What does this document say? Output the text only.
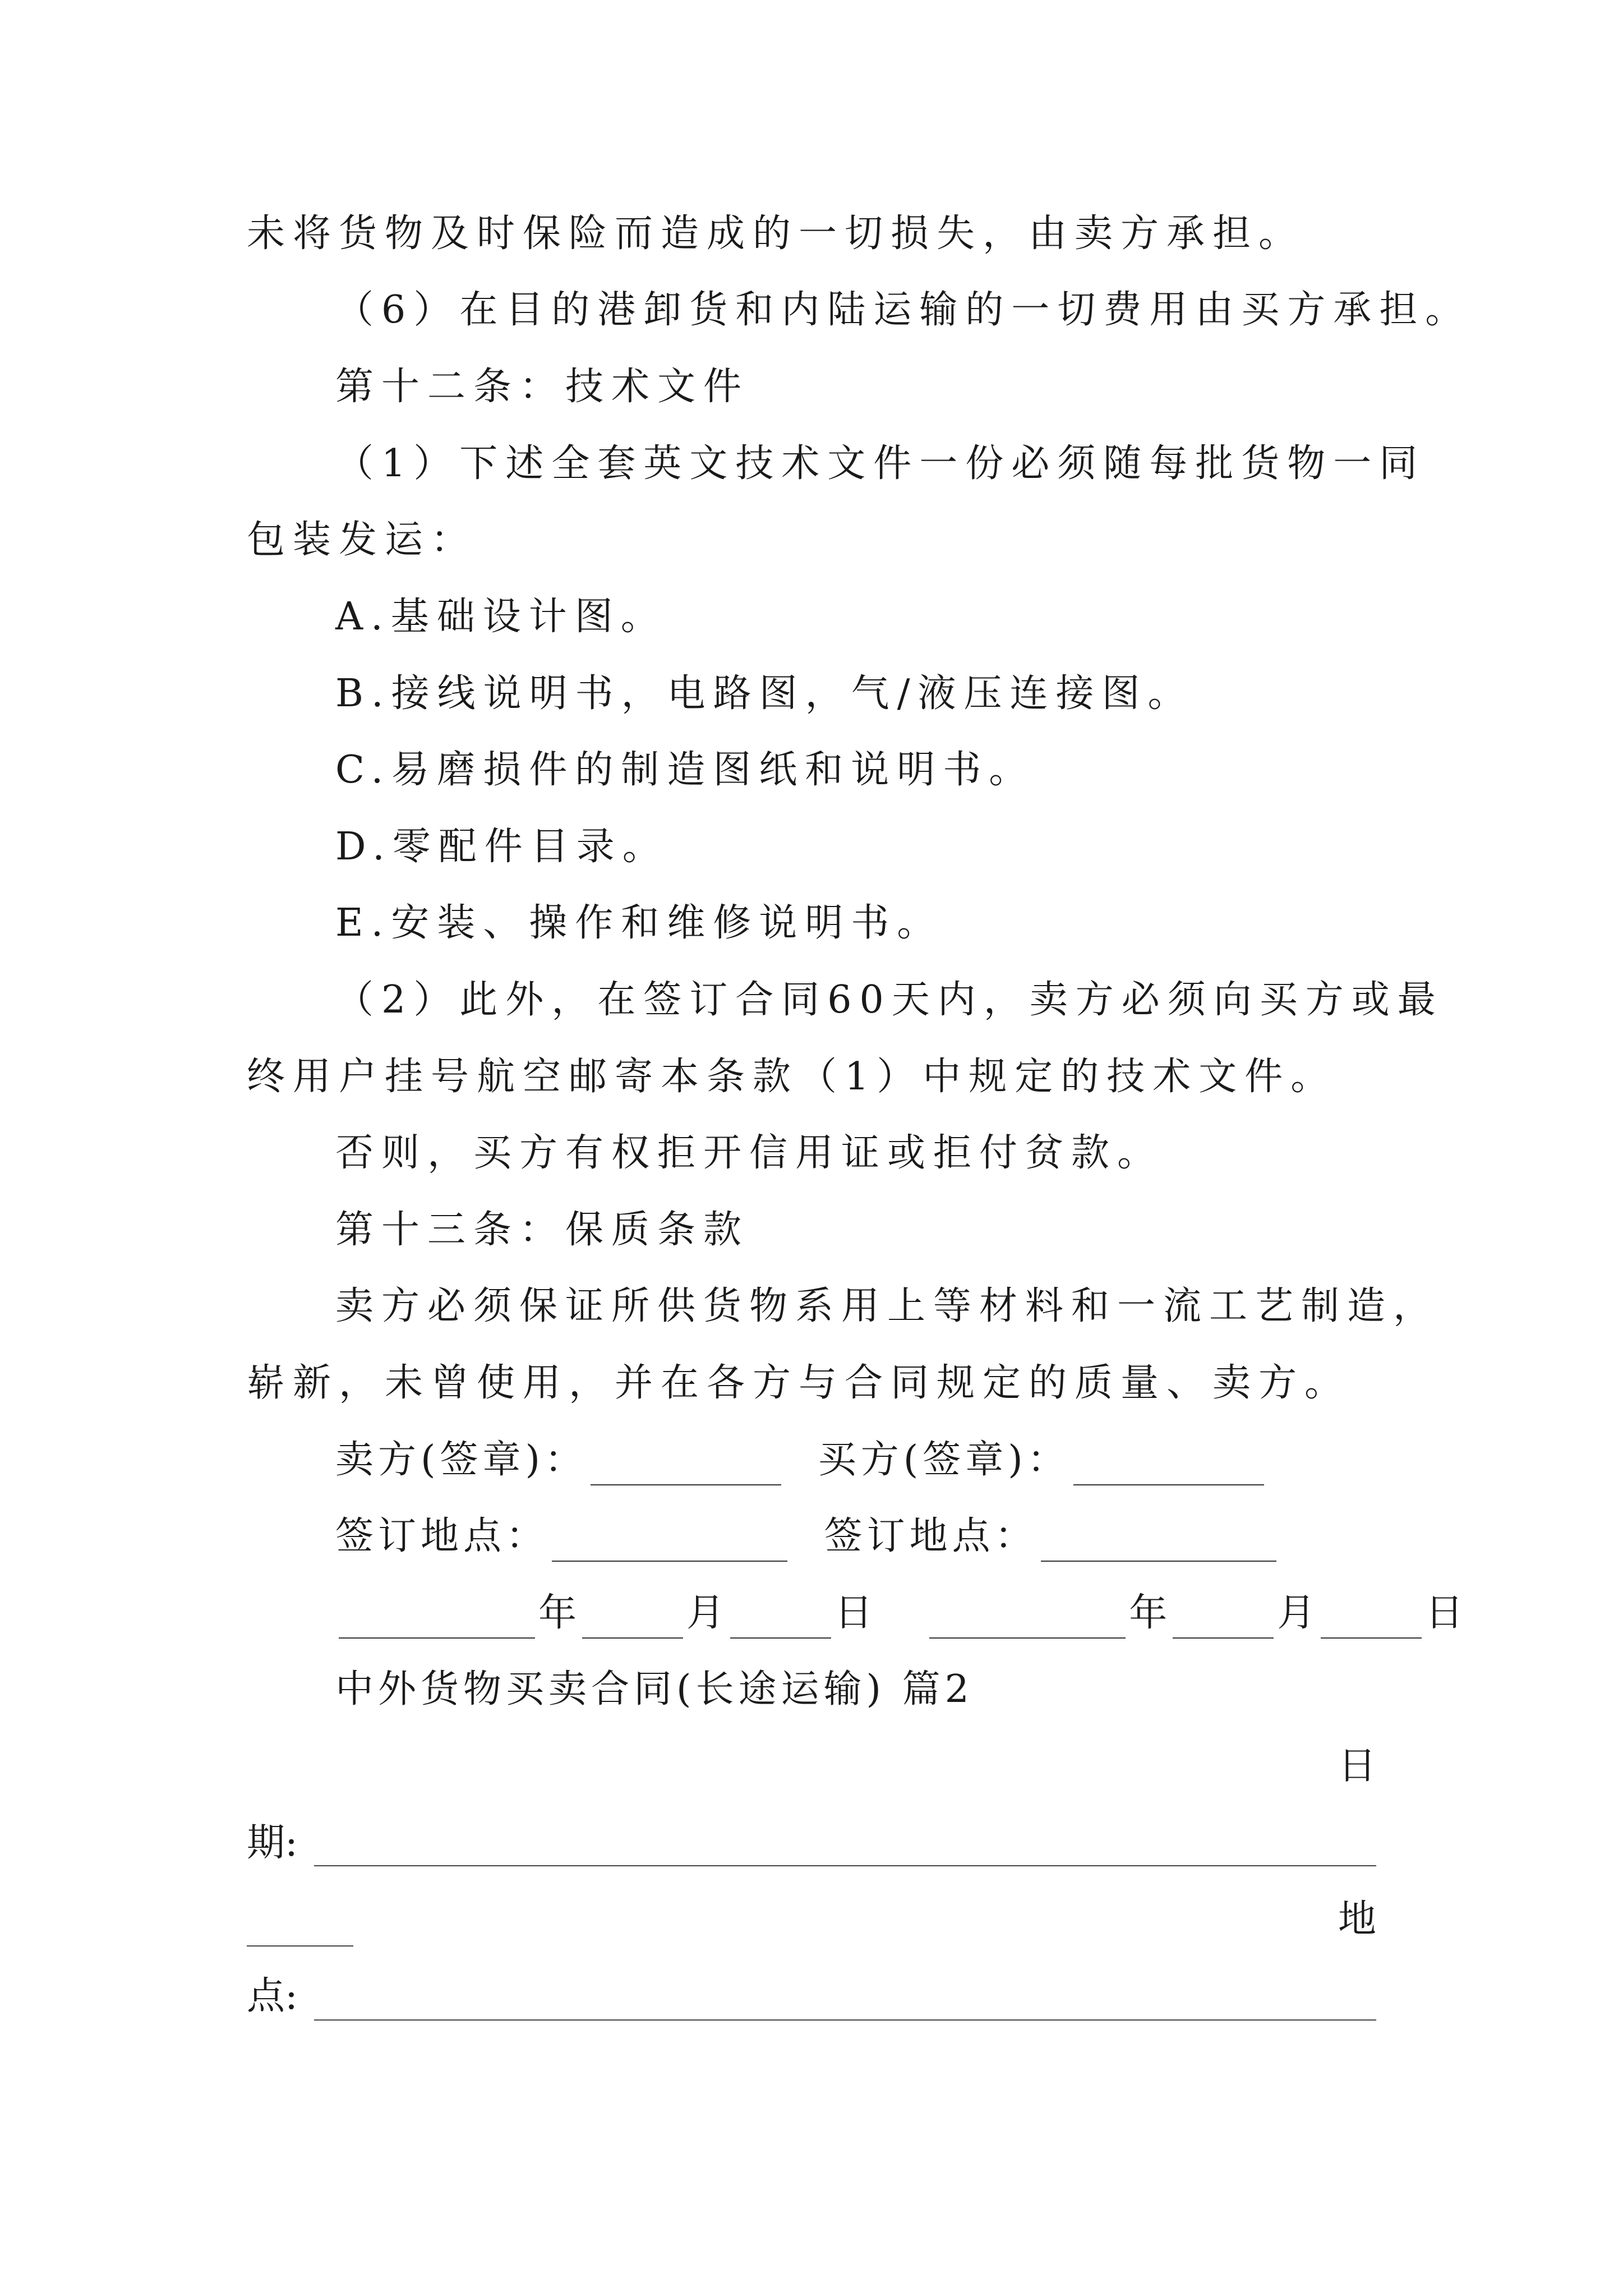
未将货物及时保险而造成的一切损失，由卖方承担。
（6）在目的港卸货和内陆运输的一切费用由买方承担。
第十二条：技术文件
（1）下述全套英文技术文件一份必须随每批货物一同
包装发运：
A.基础设计图。
B.接线说明书，电路图，气/液压连接图。
C.易磨损件的制造图纸和说明书。
D.零配件目录。
E.安装、操作和维修说明书。
（2）此外，在签订合同60天内，卖方必须向买方或最
终用户挂号航空邮寄本条款（1）中规定的技术文件。
否则，买方有权拒开信用证或拒付贫款。
第十三条：保质条款
卖方必须保证所供货物系用上等材料和一流工艺制造，
崭新，未曾使用，并在各方与合同规定的质量、卖方。
卖方(签章)：	买方(签章)：
签订地点：	签订地点：
年	月	日	年	月	日
中外货物买卖合同(长途运输) 篇2
日
期:
地
点:
